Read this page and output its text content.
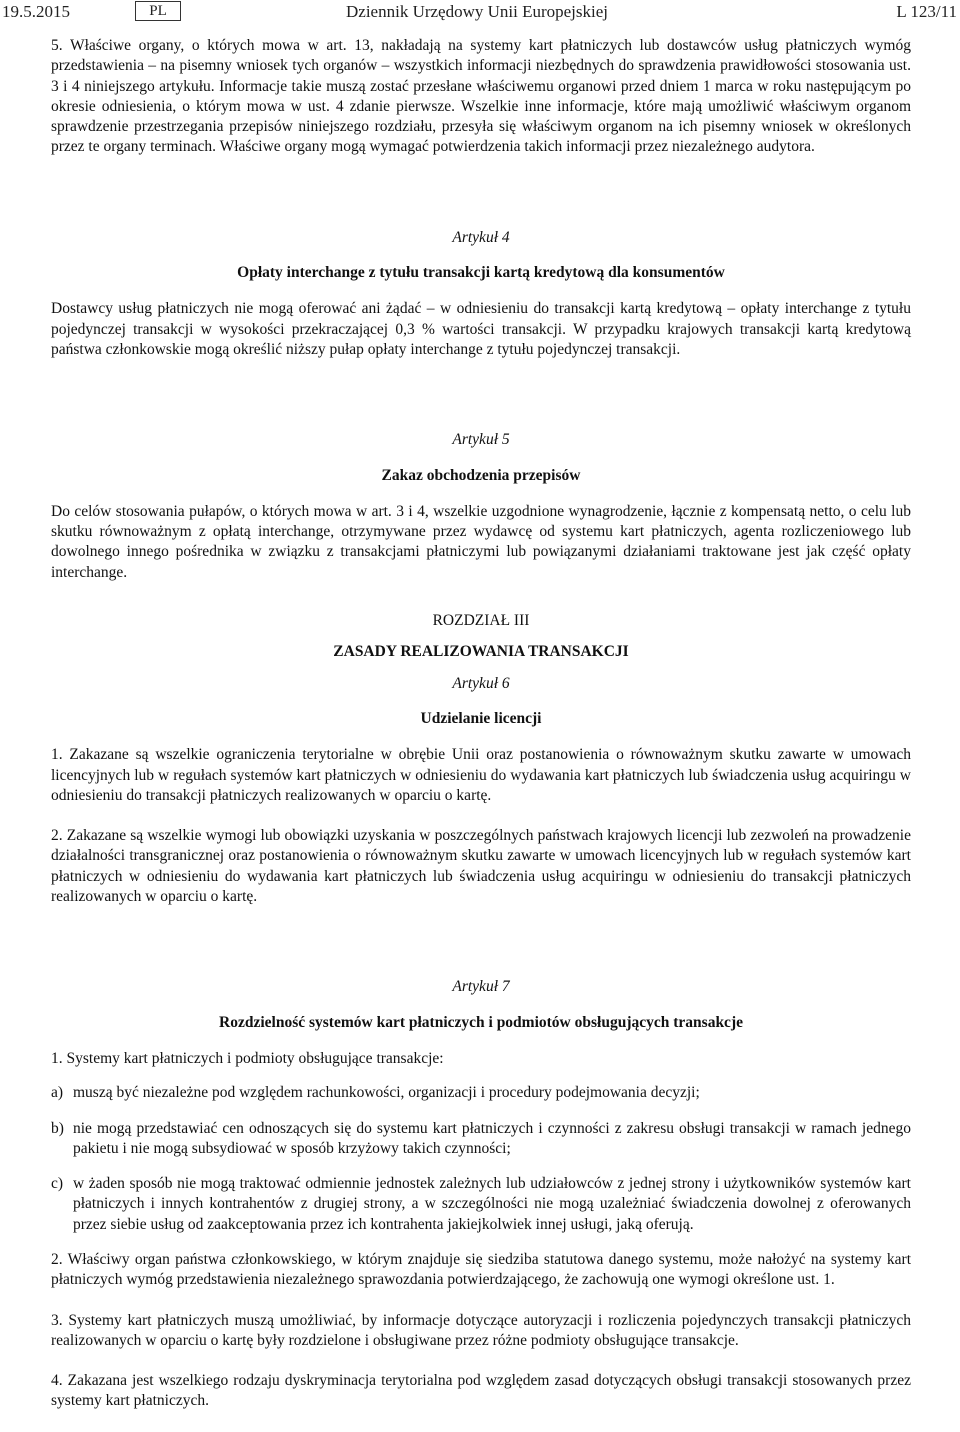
19.5.2015	PL	Dziennik Urzędowy Unii Europejskiej	L 123/11

5. Właściwe organy, o których mowa w art. 13, nakładają na systemy kart płatniczych lub dostawców usług płatniczych wymóg przedstawienia – na pisemny wniosek tych organów – wszystkich informacji niezbędnych do sprawdzenia prawidłowości stosowania ust. 3 i 4 niniejszego artykułu. Informacje takie muszą zostać przesłane właściwemu organowi przed dniem 1 marca w roku następującym po okresie odniesienia, o którym mowa w ust. 4 zdanie pierwsze. Wszelkie inne informacje, które mają umożliwić właściwym organom sprawdzenie przestrzegania przepisów niniejszego rozdziału, przesyła się właściwym organom na ich pisemny wniosek w określonych przez te organy terminach. Właściwe organy mogą wymagać potwierdzenia takich informacji przez niezależnego audytora.

Artykuł 4
Opłaty interchange z tytułu transakcji kartą kredytową dla konsumentów

Dostawcy usług płatniczych nie mogą oferować ani żądać – w odniesieniu do transakcji kartą kredytową – opłaty interchange z tytułu pojedynczej transakcji w wysokości przekraczającej 0,3 % wartości transakcji. W przypadku krajowych transakcji kartą kredytową państwa członkowskie mogą określić niższy pułap opłaty interchange z tytułu pojedynczej transakcji.

Artykuł 5
Zakaz obchodzenia przepisów

Do celów stosowania pułapów, o których mowa w art. 3 i 4, wszelkie uzgodnione wynagrodzenie, łącznie z kompensatą netto, o celu lub skutku równoważnym z opłatą interchange, otrzymywane przez wydawcę od systemu kart płatniczych, agenta rozliczeniowego lub dowolnego innego pośrednika w związku z transakcjami płatniczymi lub powiązanymi działaniami traktowane jest jak część opłaty interchange.

ROZDZIAŁ III
ZASADY REALIZOWANIA TRANSAKCJI
Artykuł 6
Udzielanie licencji

1. Zakazane są wszelkie ograniczenia terytorialne w obrębie Unii oraz postanowienia o równoważnym skutku zawarte w umowach licencyjnych lub w regułach systemów kart płatniczych w odniesieniu do wydawania kart płatniczych lub świadczenia usług acquiringu w odniesieniu do transakcji płatniczych realizowanych w oparciu o kartę.

2. Zakazane są wszelkie wymogi lub obowiązki uzyskania w poszczególnych państwach krajowych licencji lub zezwoleń na prowadzenie działalności transgranicznej oraz postanowienia o równoważnym skutku zawarte w umowach licencyjnych lub w regułach systemów kart płatniczych w odniesieniu do wydawania kart płatniczych lub świadczenia usług acquiringu w odniesieniu do transakcji płatniczych realizowanych w oparciu o kartę.

Artykuł 7
Rozdzielność systemów kart płatniczych i podmiotów obsługujących transakcje

1. Systemy kart płatniczych i podmioty obsługujące transakcje:

a) muszą być niezależne pod względem rachunkowości, organizacji i procedury podejmowania decyzji;
b) nie mogą przedstawiać cen odnoszących się do systemu kart płatniczych i czynności z zakresu obsługi transakcji w ramach jednego pakietu i nie mogą subsydiować w sposób krzyżowy takich czynności;
c) w żaden sposób nie mogą traktować odmiennie jednostek zależnych lub udziałowców z jednej strony i użytkowników systemów kart płatniczych i innych kontrahentów z drugiej strony, a w szczególności nie mogą uzależniać świadczenia dowolnej z oferowanych przez siebie usług od zaakceptowania przez ich kontrahenta jakiejkolwiek innej usługi, jaką oferują.

2. Właściwy organ państwa członkowskiego, w którym znajduje się siedziba statutowa danego systemu, może nałożyć na systemy kart płatniczych wymóg przedstawienia niezależnego sprawozdania potwierdzającego, że zachowują one wymogi określone ust. 1.

3. Systemy kart płatniczych muszą umożliwiać, by informacje dotyczące autoryzacji i rozliczenia pojedynczych transakcji płatniczych realizowanych w oparciu o kartę były rozdzielone i obsługiwane przez różne podmioty obsługujące transakcje.

4. Zakazana jest wszelkiego rodzaju dyskryminacja terytorialna pod względem zasad dotyczących obsługi transakcji stosowanych przez systemy kart płatniczych.
